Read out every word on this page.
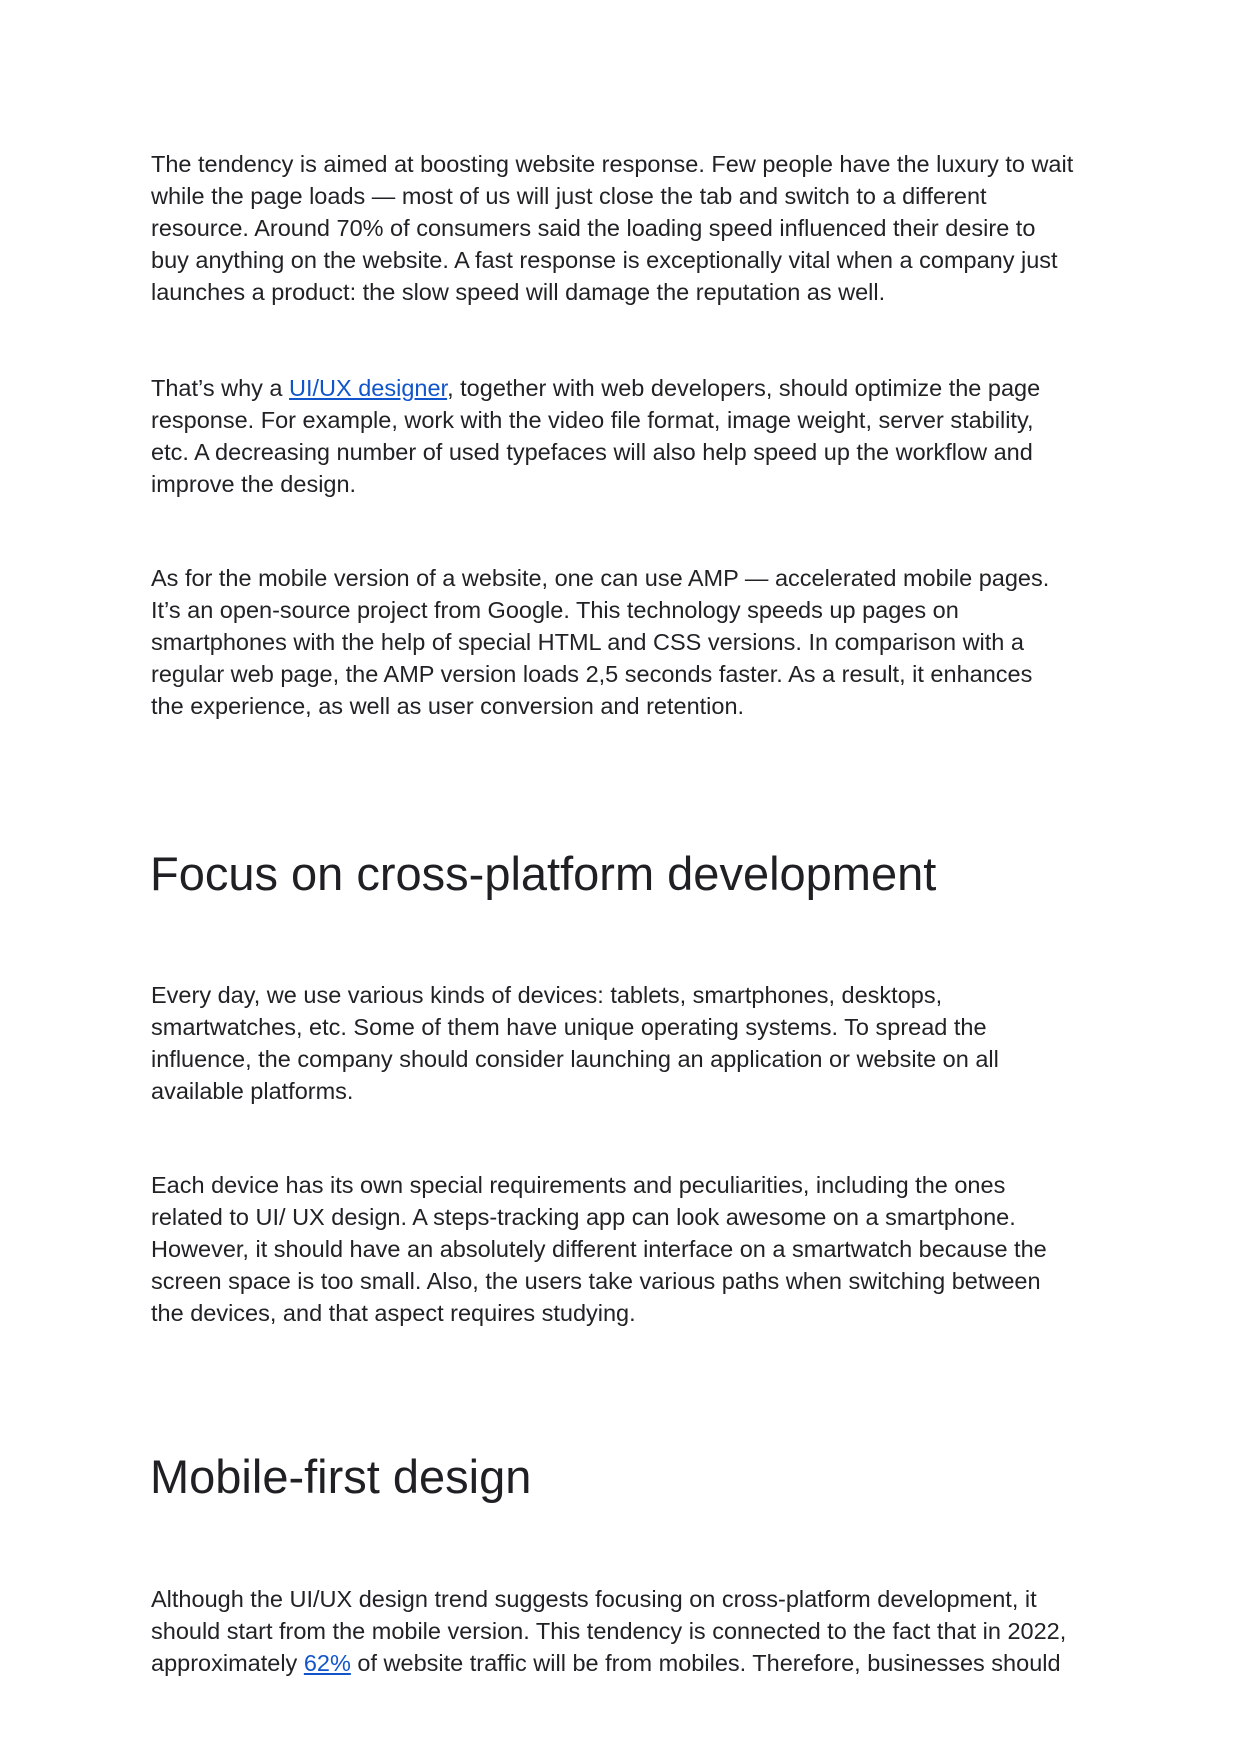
The tendency is aimed at boosting website response. Few people have the luxury to wait
while the page loads — most of us will just close the tab and switch to a different
resource. Around 70% of consumers said the loading speed influenced their desire to
buy anything on the website. A fast response is exceptionally vital when a company just
launches a product: the slow speed will damage the reputation as well.

That’s why a UI/UX designer, together with web developers, should optimize the page
response. For example, work with the video file format, image weight, server stability,
etc. A decreasing number of used typefaces will also help speed up the workflow and
improve the design.

As for the mobile version of a website, one can use AMP — accelerated mobile pages.
It’s an open-source project from Google. This technology speeds up pages on
smartphones with the help of special HTML and CSS versions. In comparison with a
regular web page, the AMP version loads 2,5 seconds faster. As a result, it enhances
the experience, as well as user conversion and retention.

Focus on cross-platform development

Every day, we use various kinds of devices: tablets, smartphones, desktops,
smartwatches, etc. Some of them have unique operating systems. To spread the
influence, the company should consider launching an application or website on all
available platforms.

Each device has its own special requirements and peculiarities, including the ones
related to UI/ UX design. A steps-tracking app can look awesome on a smartphone.
However, it should have an absolutely different interface on a smartwatch because the
screen space is too small. Also, the users take various paths when switching between
the devices, and that aspect requires studying.

Mobile-first design

Although the UI/UX design trend suggests focusing on cross-platform development, it
should start from the mobile version. This tendency is connected to the fact that in 2022,
approximately 62% of website traffic will be from mobiles. Therefore, businesses should
